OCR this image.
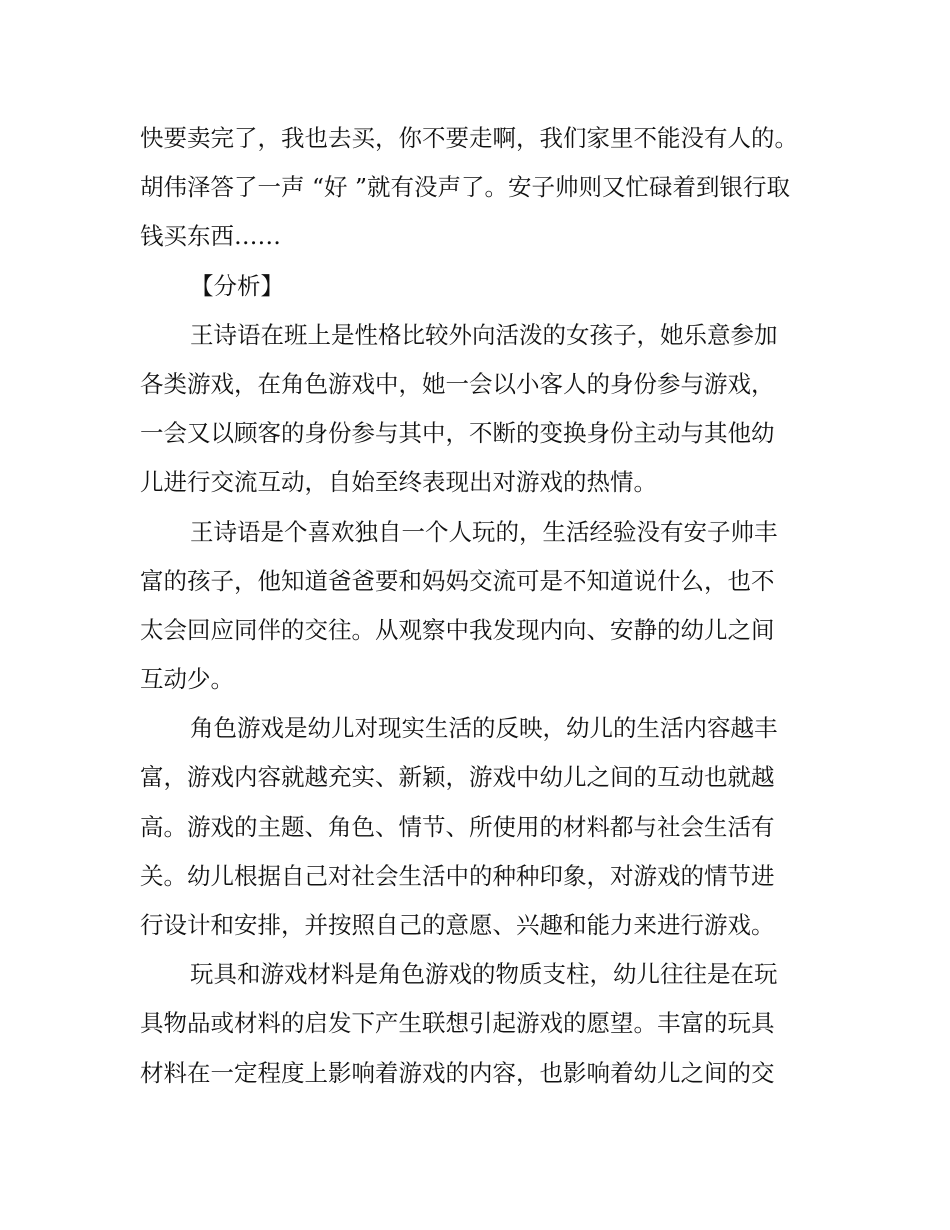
快要卖完了，我也去买，你不要走啊，我们家里不能没有人的。
胡伟泽答了一声 “好 ”就有没声了。安子帅则又忙碌着到银行取
钱买东西……
【分析】
王诗语在班上是性格比较外向活泼的女孩子，她乐意参加
各类游戏，在角色游戏中，她一会以小客人的身份参与游戏，
一会又以顾客的身份参与其中，不断的变换身份主动与其他幼
儿进行交流互动，自始至终表现出对游戏的热情。
王诗语是个喜欢独自一个人玩的，生活经验没有安子帅丰
富的孩子，他知道爸爸要和妈妈交流可是不知道说什么，也不
太会回应同伴的交往。从观察中我发现内向、安静的幼儿之间
互动少。
角色游戏是幼儿对现实生活的反映，幼儿的生活内容越丰
富，游戏内容就越充实、新颖，游戏中幼儿之间的互动也就越
高。游戏的主题、角色、情节、所使用的材料都与社会生活有
关。幼儿根据自己对社会生活中的种种印象，对游戏的情节进
行设计和安排，并按照自己的意愿、兴趣和能力来进行游戏。
玩具和游戏材料是角色游戏的物质支柱，幼儿往往是在玩
具物品或材料的启发下产生联想引起游戏的愿望。丰富的玩具
材料在一定程度上影响着游戏的内容，也影响着幼儿之间的交
